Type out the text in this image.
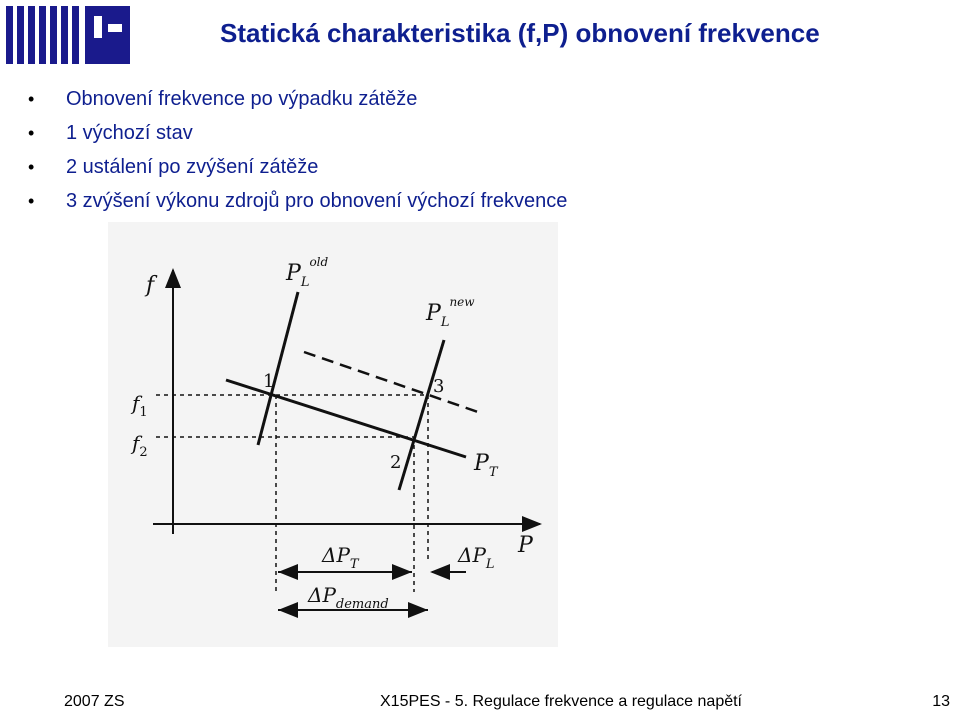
Statická charakteristika (f,P) obnovení frekvence
• Obnovení frekvence po výpadku zátěže
• 1 výchozí stav
• 2 ustálení po zvýšení zátěže
• 3 zvýšení výkonu zdrojů pro obnovení výchozí frekvence
f
P
$f_1$
$f_2$
$P_L^{old}$
$P_L^{new}$
$P_T$
1
2
3
$\Delta P_T$	$\Delta P_L$
$\Delta P_{demand}$
2007 ZS	X15PES - 5. Regulace frekvence a regulace napětí	13
